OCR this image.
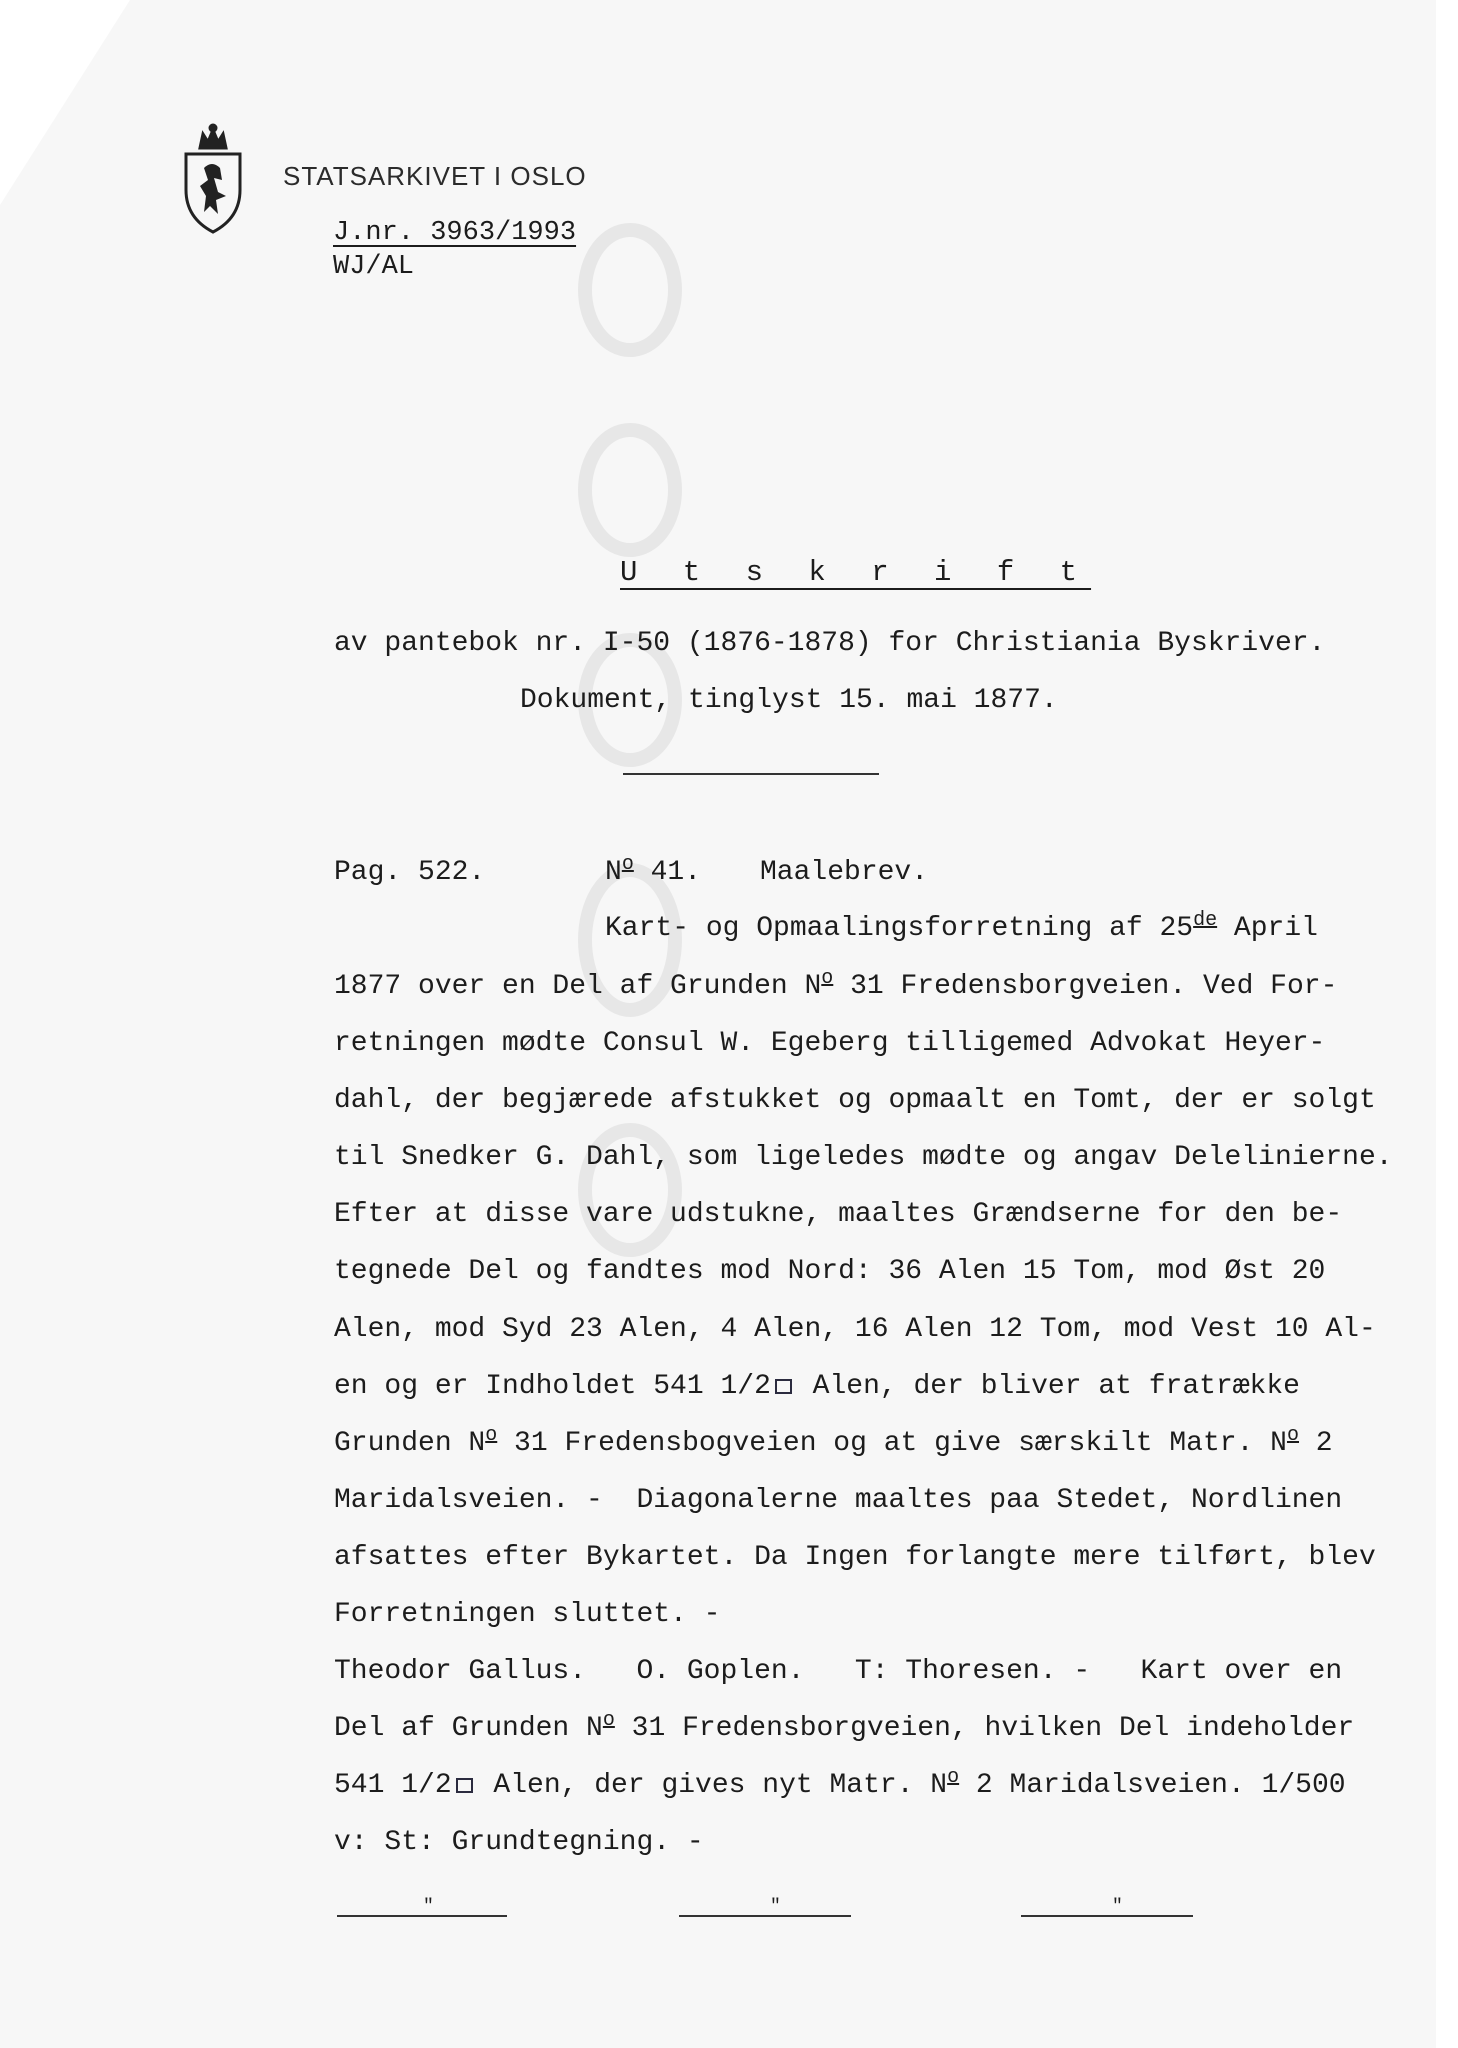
STATSARKIVET I OSLO
J.nr. 3963/1993
WJ/AL
U t s k r i f t
av pantebok nr. I-50 (1876-1878) for Christiania Byskriver.
Dokument, tinglyst 15. mai 1877.
Pag. 522.	$N^o$ 41. Maalebrev.
Kart- og Opmaalingsforretning af 25de April
1877 over en Del af Grunden $N^o$ 31 Fredensborgveien. Ved For-
retningen mødte Consul W. Egeberg tilligemed Advokat Heyer-
dahl, der begjærede afstukket og opmaalt en Tomt, der er solgt
til Snedker G. Dahl, som ligeledes mødte og angav Delelinierne.
Efter at disse vare udstukne, maaltes Grændserne for den be-
tegnede Del og fandtes mod Nord: 36 Alen 15 Tom, mod Øst 20
Alen, mod Syd 23 Alen, 4 Alen, 16 Alen 12 Tom, mod Vest 10 Al-
en og er Indholdet 541 1/2 Alen, der bliver at fratrække
Grunden $N^o$ 31 Fredensbogveien og at give særskilt Matr. $N^o$ 2
Maridalsveien. -  Diagonalerne maaltes paa Stedet, Nordlinen
afsattes efter Bykartet. Da Ingen forlangte mere tilført, blev
Forretningen sluttet. -
Theodor Gallus.   O. Goplen.   T: Thoresen. -   Kart over en
Del af Grunden $N^o$ 31 Fredensborgveien, hvilken Del indeholder
541 1/2 Alen, der gives nyt Matr. $N^o$ 2 Maridalsveien. 1/500
v: St: Grundtegning. -
"	"	"
